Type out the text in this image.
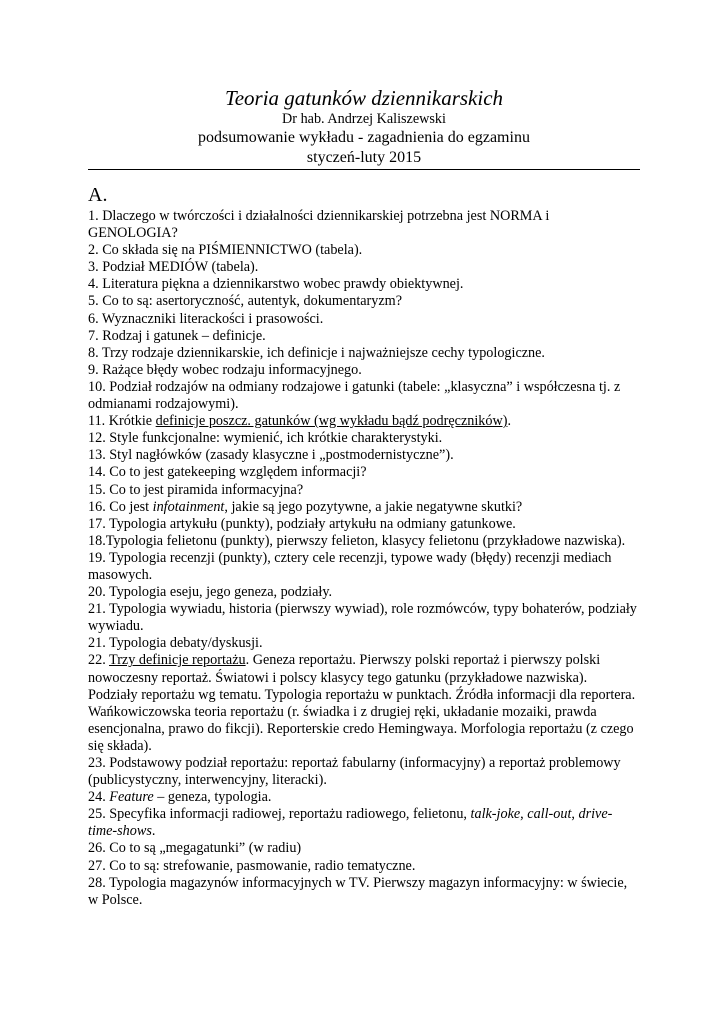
Teoria gatunków dziennikarskich
Dr hab. Andrzej Kaliszewski
podsumowanie wykładu - zagadnienia do egzaminu
styczeń-luty 2015
A.

1. Dlaczego w twórczości i działalności dziennikarskiej potrzebna jest NORMA i GENOLOGIA?

2. Co składa się na PIŚMIENNICTWO (tabela).

3. Podział MEDIÓW (tabela).

4. Literatura piękna a dziennikarstwo wobec prawdy obiektywnej.

5. Co to są: asertoryczność, autentyk, dokumentaryzm?

6. Wyznaczniki literackości i prasowości.

7. Rodzaj i gatunek – definicje.

8. Trzy rodzaje dziennikarskie, ich definicje i najważniejsze cechy typologiczne.

9. Rażące błędy wobec rodzaju informacyjnego.

10. Podział rodzajów na odmiany rodzajowe i gatunki (tabele: „klasyczna” i współczesna tj. z odmianami rodzajowymi).

11. Krótkie definicje poszcz. gatunków (wg wykładu bądź podręczników).

12. Style funkcjonalne: wymienić, ich krótkie charakterystyki.

13. Styl nagłówków (zasady klasyczne i „postmodernistyczne”).

14. Co to jest gatekeeping względem informacji?

15. Co to jest piramida informacyjna?

16. Co jest infotainment, jakie są jego pozytywne, a jakie negatywne skutki?

17. Typologia artykułu (punkty), podziały artykułu na odmiany gatunkowe.

18.Typologia felietonu (punkty), pierwszy felieton, klasycy felietonu (przykładowe nazwiska).

19. Typologia recenzji (punkty), cztery cele recenzji, typowe wady (błędy) recenzji mediach masowych.

20. Typologia eseju, jego geneza, podziały.

21. Typologia wywiadu, historia (pierwszy wywiad), role rozmówców, typy bohaterów, podziały wywiadu.

21. Typologia debaty/dyskusji.

22. Trzy definicje reportażu. Geneza reportażu. Pierwszy polski reportaż i pierwszy polski nowoczesny reportaż. Światowi i polscy klasycy tego gatunku (przykładowe nazwiska). Podziały reportażu wg tematu. Typologia reportażu w punktach. Źródła informacji dla reportera. Wańkowiczowska teoria reportażu (r. świadka i z drugiej ręki, układanie mozaiki, prawda esencjonalna, prawo do fikcji). Reporterskie credo Hemingwaya. Morfologia reportażu (z czego się składa).

23. Podstawowy podział reportażu: reportaż fabularny (informacyjny) a reportaż problemowy (publicystyczny, interwencyjny, literacki).

24. Feature – geneza, typologia.

25. Specyfika informacji radiowej, reportażu radiowego, felietonu, talk-joke, call-out, drive-time-shows.

26. Co to są „megagatunki” (w radiu)

27. Co to są: strefowanie, pasmowanie, radio tematyczne.

28. Typologia magazynów informacyjnych w TV. Pierwszy magazyn informacyjny: w świecie, w Polsce.
